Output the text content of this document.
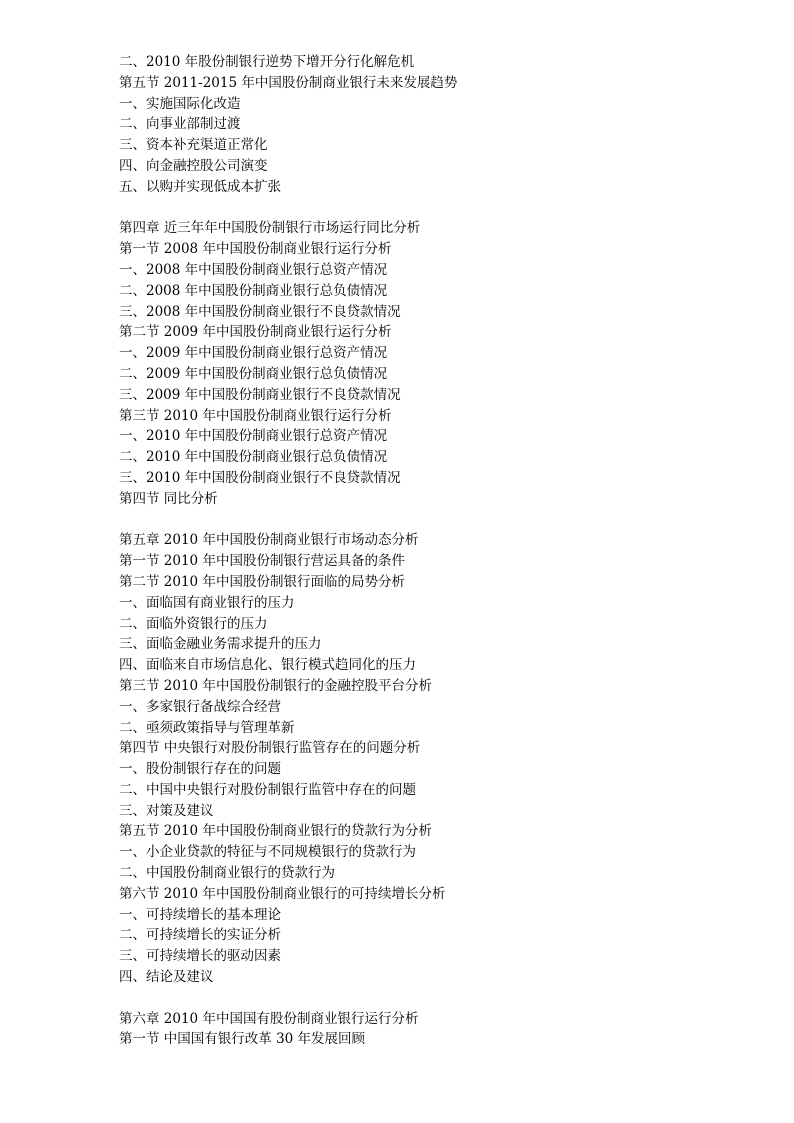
二、2010 年股份制银行逆势下增开分行化解危机
第五节 2011-2015 年中国股份制商业银行未来发展趋势
一、实施国际化改造
二、向事业部制过渡
三、资本补充渠道正常化
四、向金融控股公司演变
五、以购并实现低成本扩张
第四章 近三年年中国股份制银行市场运行同比分析
第一节 2008 年中国股份制商业银行运行分析
一、2008 年中国股份制商业银行总资产情况
二、2008 年中国股份制商业银行总负债情况
三、2008 年中国股份制商业银行不良贷款情况
第二节 2009 年中国股份制商业银行运行分析
一、2009 年中国股份制商业银行总资产情况
二、2009 年中国股份制商业银行总负债情况
三、2009 年中国股份制商业银行不良贷款情况
第三节 2010 年中国股份制商业银行运行分析
一、2010 年中国股份制商业银行总资产情况
二、2010 年中国股份制商业银行总负债情况
三、2010 年中国股份制商业银行不良贷款情况
第四节 同比分析
第五章 2010 年中国股份制商业银行市场动态分析
第一节 2010 年中国股份制银行营运具备的条件
第二节 2010 年中国股份制银行面临的局势分析
一、面临国有商业银行的压力
二、面临外资银行的压力
三、面临金融业务需求提升的压力
四、面临来自市场信息化、银行模式趋同化的压力
第三节 2010 年中国股份制银行的金融控股平台分析
一、多家银行备战综合经营
二、亟须政策指导与管理革新
第四节 中央银行对股份制银行监管存在的问题分析
一、股份制银行存在的问题
二、中国中央银行对股份制银行监管中存在的问题
三、对策及建议
第五节 2010 年中国股份制商业银行的贷款行为分析
一、小企业贷款的特征与不同规模银行的贷款行为
二、中国股份制商业银行的贷款行为
第六节 2010 年中国股份制商业银行的可持续增长分析
一、可持续增长的基本理论
二、可持续增长的实证分析
三、可持续增长的驱动因素
四、结论及建议
第六章 2010 年中国国有股份制商业银行运行分析
第一节 中国国有银行改革 30 年发展回顾
